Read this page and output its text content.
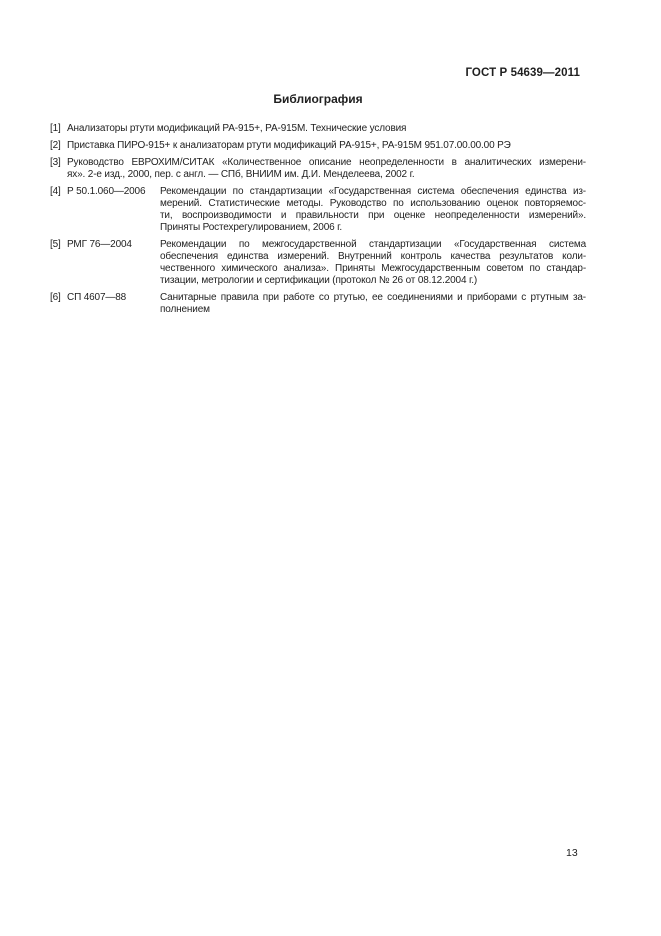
ГОСТ Р 54639—2011
Библиография
[1] Анализаторы ртути модификаций РА-915+, РА-915М. Технические условия
[2] Приставка ПИРО-915+ к анализаторам ртути модификаций РА-915+, РА-915М 951.07.00.00.00 РЭ
[3] Руководство ЕВРОХИМ/СИТАК «Количественное описание неопределенности в аналитических измерени-
ях». 2-е изд., 2000, пер. с англ. — СПб, ВНИИМ им. Д.И. Менделеева, 2002 г.
[4] Р 50.1.060—2006	Рекомендации по стандартизации «Государственная система обеспечения единства из-
мерений. Статистические методы. Руководство по использованию оценок повторяемос-
ти, воспроизводимости и правильности при оценке неопределенности измерений».
Приняты Ростехрегулированием, 2006 г.
[5] РМГ 76—2004	Рекомендации по межгосударственной стандартизации «Государственная система
обеспечения единства измерений. Внутренний контроль качества результатов коли-
чественного химического анализа». Приняты Межгосударственным советом по стандар-
тизации, метрологии и сертификации (протокол № 26 от 08.12.2004 г.)
[6] СП 4607—88	Санитарные правила при работе со ртутью, ее соединениями и приборами с ртутным за-
полнением
13
